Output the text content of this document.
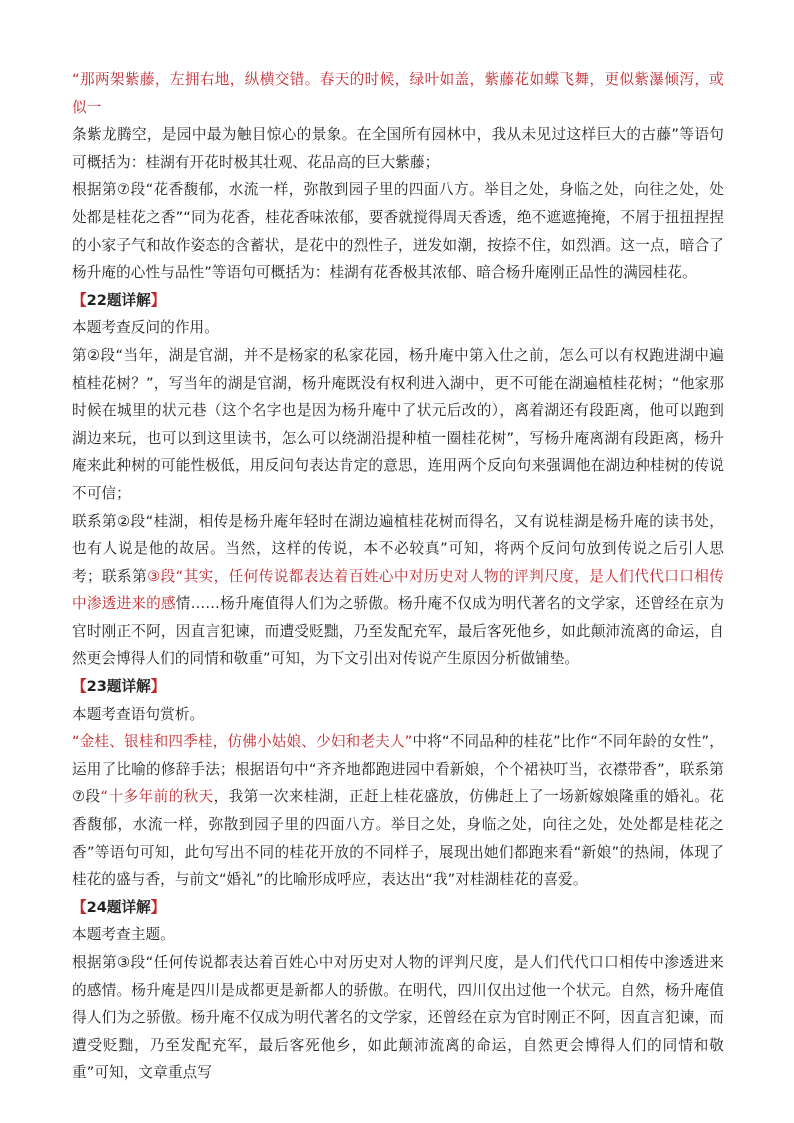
“那两架紫藤，左拥右地，纵横交错。春天的时候，绿叶如盖，紫藤花如蝶飞舞，更似紫瀑倾泻，或似一

条紫龙腾空，是园中最为触目惊心的景象。在全国所有园林中，我从未见过这样巨大的古藤”等语句可概括为：桂湖有开花时极其壮观、花品高的巨大紫藤；

根据第⑦段“花香馥郁，水流一样，弥散到园子里的四面八方。举目之处，身临之处，向往之处，处处都是桂花之香”“同为花香，桂花香味浓郁，要香就搅得周天香透，绝不遮遮掩掩，不屑于扭扭捏捏的小家子气和故作姿态的含蓄状，是花中的烈性子，迸发如潮，按捺不住，如烈酒。这一点，暗合了杨升庵的心性与品性”等语句可概括为：桂湖有花香极其浓郁、暗合杨升庵刚正品性的满园桂花。

【22题详解】

本题考查反问的作用。

第②段“当年，湖是官湖，并不是杨家的私家花园，杨升庵中第入仕之前，怎么可以有权跑进湖中遍植桂花树？”，写当年的湖是官湖，杨升庵既没有权利进入湖中，更不可能在湖遍植桂花树；“他家那时候在城里的状元巷（这个名字也是因为杨升庵中了状元后改的），离着湖还有段距离，他可以跑到湖边来玩，也可以到这里读书，怎么可以绕湖沿提种植一圈桂花树”，写杨升庵离湖有段距离，杨升庵来此种树的可能性极低，用反问句表达肯定的意思，连用两个反向句来强调他在湖边种桂树的传说不可信；

联系第②段“桂湖，相传是杨升庵年轻时在湖边遍植桂花树而得名，又有说桂湖是杨升庵的读书处，也有人说是他的故居。当然，这样的传说，本不必较真”可知，将两个反问句放到传说之后引人思考；联系第③段“其实，任何传说都表达着百姓心中对历史对人物的评判尺度，是人们代代口口相传中渗透进来的感情……杨升庵值得人们为之骄傲。杨升庵不仅成为明代著名的文学家，还曾经在京为官时刚正不阿，因直言犯谏，而遭受贬黜，乃至发配充军，最后客死他乡，如此颠沛流离的命运，自然更会博得人们的同情和敬重”可知，为下文引出对传说产生原因分析做铺垫。

【23题详解】

本题考查语句赏析。

“金桂、银桂和四季桂，仿佛小姑娘、少妇和老夫人”中将“不同品种的桂花”比作“不同年龄的女性”，运用了比喻的修辞手法；根据语句中“齐齐地都跑进园中看新娘，个个裙袂叮当，衣襟带香”，联系第⑦段“十多年前的秋天，我第一次来桂湖，正赶上桂花盛放，仿佛赶上了一场新嫁娘隆重的婚礼。花香馥郁，水流一样，弥散到园子里的四面八方。举目之处，身临之处，向往之处，处处都是桂花之香”等语句可知，此句写出不同的桂花开放的不同样子，展现出她们都跑来看“新娘”的热闹，体现了桂花的盛与香，与前文“婚礼”的比喻形成呼应，表达出“我”对桂湖桂花的喜爱。

【24题详解】

本题考查主题。

根据第③段“任何传说都表达着百姓心中对历史对人物的评判尺度，是人们代代口口相传中渗透进来的感情。杨升庵是四川是成都更是新都人的骄傲。在明代，四川仅出过他一个状元。自然，杨升庵值得人们为之骄傲。杨升庵不仅成为明代著名的文学家，还曾经在京为官时刚正不阿，因直言犯谏，而遭受贬黜，乃至发配充军，最后客死他乡，如此颠沛流离的命运，自然更会博得人们的同情和敬重”可知，文章重点写
